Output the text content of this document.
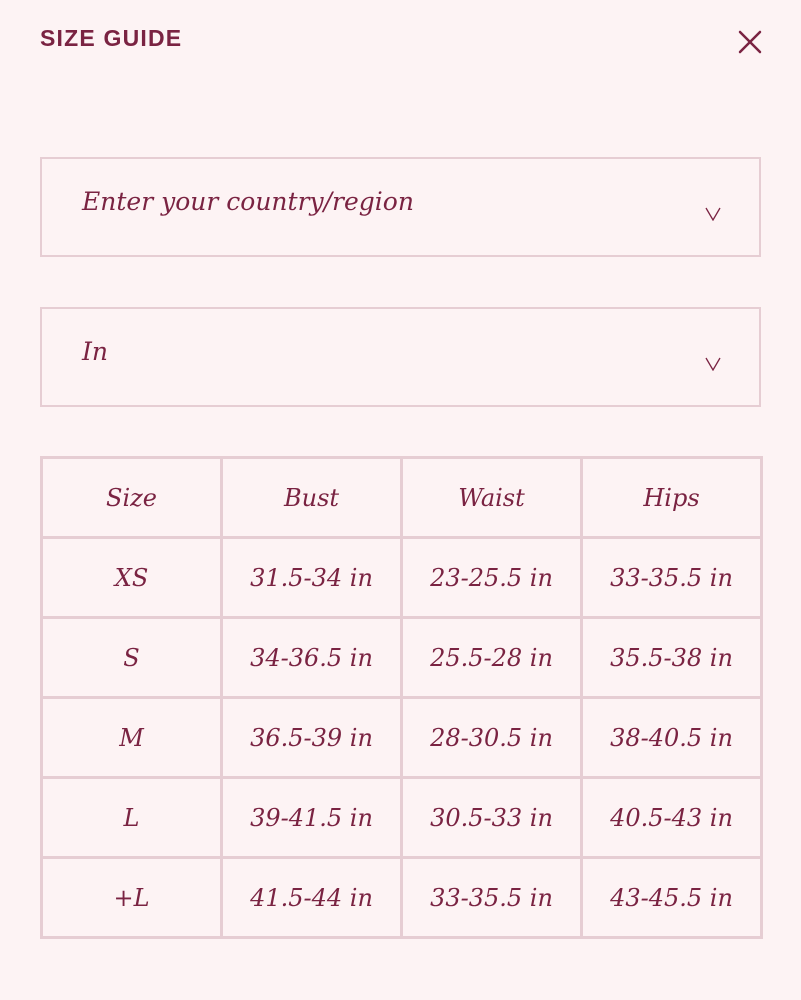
SIZE GUIDE
Enter your country/region
In
Size	Bust	Waist	Hips
XS	31.5-34 in	23-25.5 in	33-35.5 in
S	34-36.5 in	25.5-28 in	35.5-38 in
M	36.5-39 in	28-30.5 in	38-40.5 in
L	39-41.5 in	30.5-33 in	40.5-43 in
+L	41.5-44 in	33-35.5 in	43-45.5 in
